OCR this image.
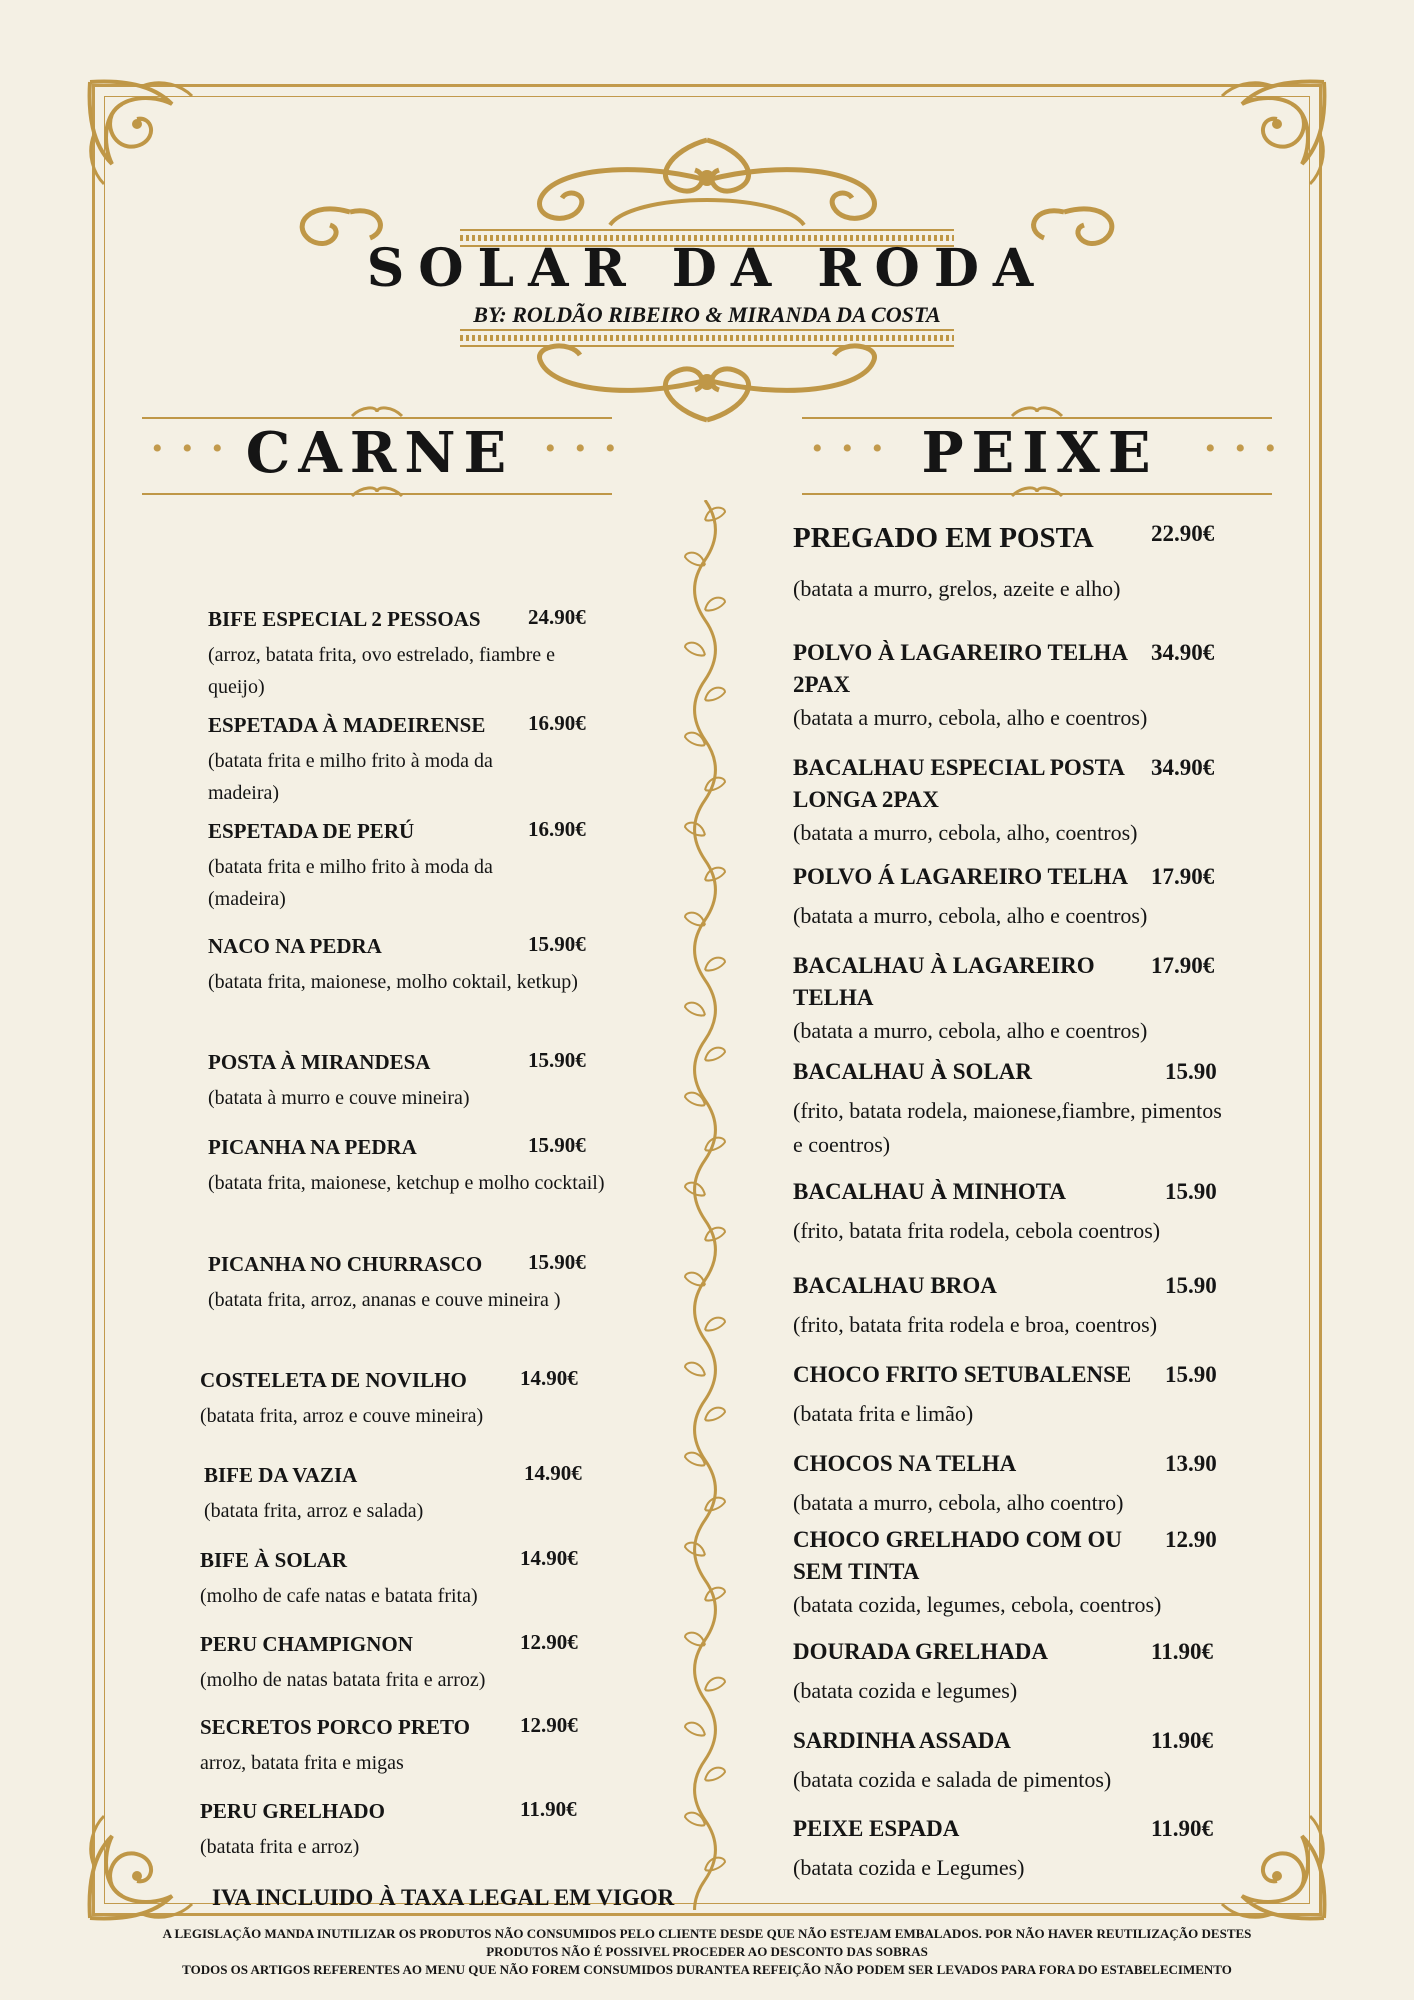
SOLAR DA RODA
BY: ROLDÃO RIBEIRO & MIRANDA DA COSTA
• • •	• • •
CARNE	• • •	• • •
PEIXE
BIFE ESPECIAL 2 PESSOAS	24.90€
(arroz, batata frita, ovo estrelado, fiambre e queijo)
ESPETADA À MADEIRENSE	16.90€
(batata frita e milho frito à moda da madeira)
ESPETADA DE PERÚ	16.90€
(batata frita e milho frito à moda da (madeira)
NACO NA PEDRA	15.90€
(batata frita, maionese, molho coktail, ketkup)
POSTA À MIRANDESA	15.90€
(batata à murro e couve mineira)
PICANHA NA PEDRA	15.90€
(batata frita, maionese, ketchup e molho cocktail)
PICANHA NO CHURRASCO	15.90€
(batata frita, arroz, ananas e couve mineira )
COSTELETA DE NOVILHO	14.90€
(batata frita, arroz e couve mineira)
BIFE DA VAZIA	14.90€
(batata frita, arroz e salada)
BIFE À SOLAR	14.90€
(molho de cafe natas e batata frita)
PERU CHAMPIGNON	12.90€
(molho de natas batata frita e arroz)
SECRETOS PORCO PRETO	12.90€
arroz, batata frita e migas
PERU GRELHADO	11.90€
(batata frita e arroz)
PREGADO EM POSTA	22.90€
(batata a murro, grelos, azeite e alho)
POLVO À LAGAREIRO TELHA 2PAX
34.90€
(batata a murro, cebola, alho e coentros)
BACALHAU ESPECIAL POSTA LONGA 2PAX
34.90€
(batata a murro, cebola, alho, coentros)
POLVO Á LAGAREIRO TELHA 17.90€
(batata a murro, cebola, alho e coentros)
BACALHAU À LAGAREIRO TELHA
17.90€
(batata a murro, cebola, alho e coentros)
BACALHAU À SOLAR	15.90
(frito, batata rodela, maionese,fiambre, pimentos e coentros)
BACALHAU À MINHOTA	15.90
(frito, batata frita rodela, cebola coentros)
BACALHAU BROA	15.90
(frito, batata frita rodela e broa, coentros)
CHOCO FRITO SETUBALENSE	15.90
(batata frita e limão)
CHOCOS NA TELHA	13.90
(batata a murro, cebola, alho coentro)
CHOCO GRELHADO COM OU SEM TINTA
12.90
(batata cozida, legumes, cebola, coentros)
DOURADA GRELHADA	11.90€
(batata cozida e legumes)
SARDINHA ASSADA	11.90€
(batata cozida e salada de pimentos)
PEIXE ESPADA	11.90€
(batata cozida e Legumes)
IVA INCLUIDO À TAXA LEGAL EM VIGOR
A LEGISLAÇÃO MANDA INUTILIZAR OS PRODUTOS NÃO CONSUMIDOS PELO CLIENTE DESDE QUE NÃO ESTEJAM EMBALADOS. POR NÃO HAVER REUTILIZAÇÃO DESTES
PRODUTOS NÃO É POSSIVEL PROCEDER AO DESCONTO DAS SOBRAS
TODOS OS ARTIGOS REFERENTES AO MENU QUE NÃO FOREM CONSUMIDOS DURANTEA REFEIÇÃO NÃO PODEM SER LEVADOS PARA FORA DO ESTABELECIMENTO
